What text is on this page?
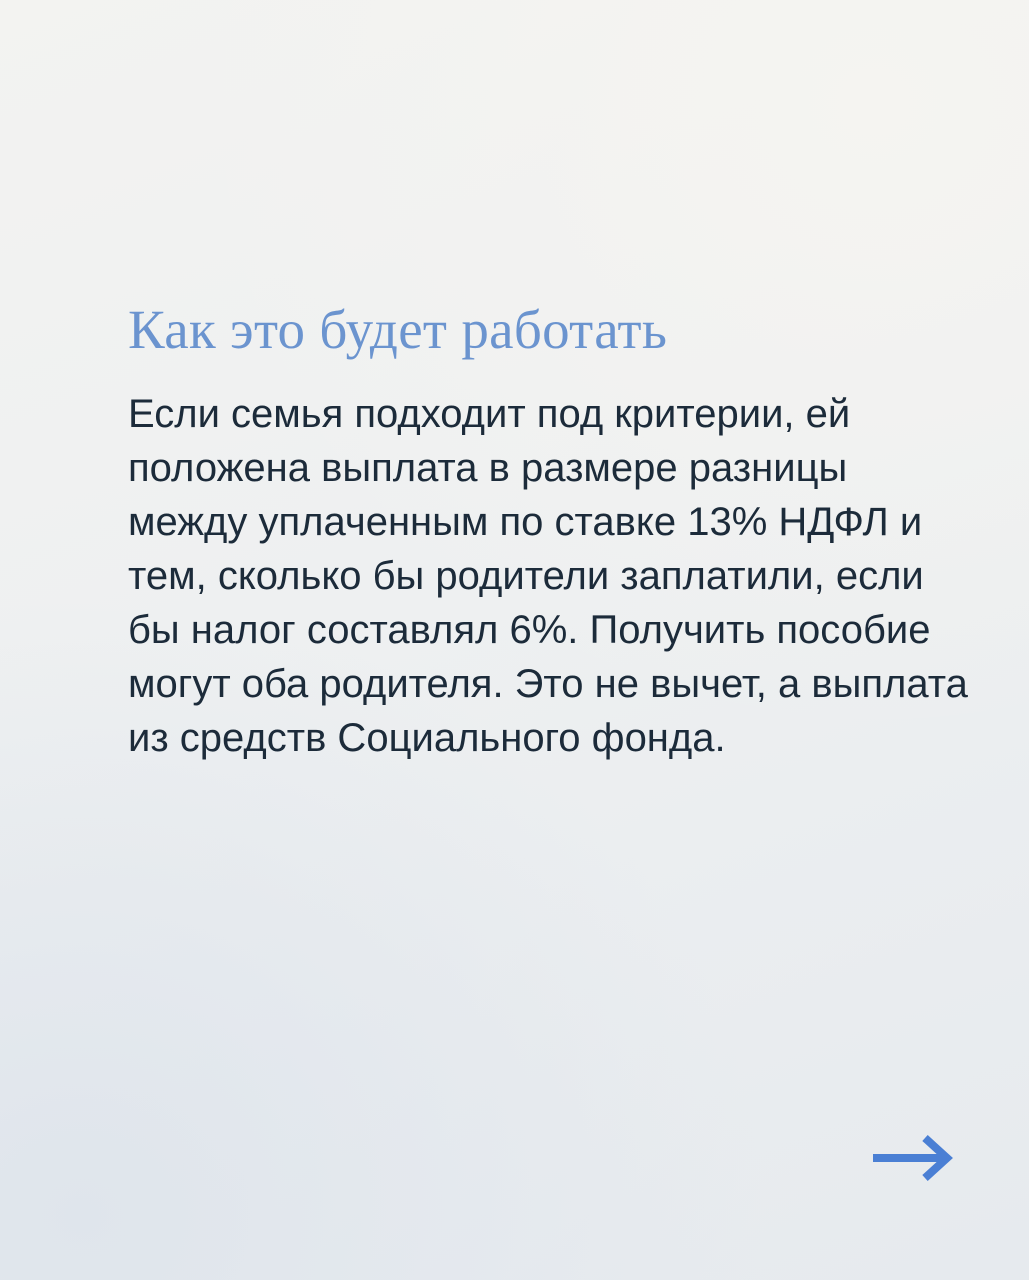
Как это будет работать

Если семья подходит под критерии, ей положена выплата в размере разницы между уплаченным по ставке 13% НДФЛ и тем, сколько бы родители заплатили, если бы налог составлял 6%. Получить пособие могут оба родителя. Это не вычет, а выплата из средств Социального фонда.
